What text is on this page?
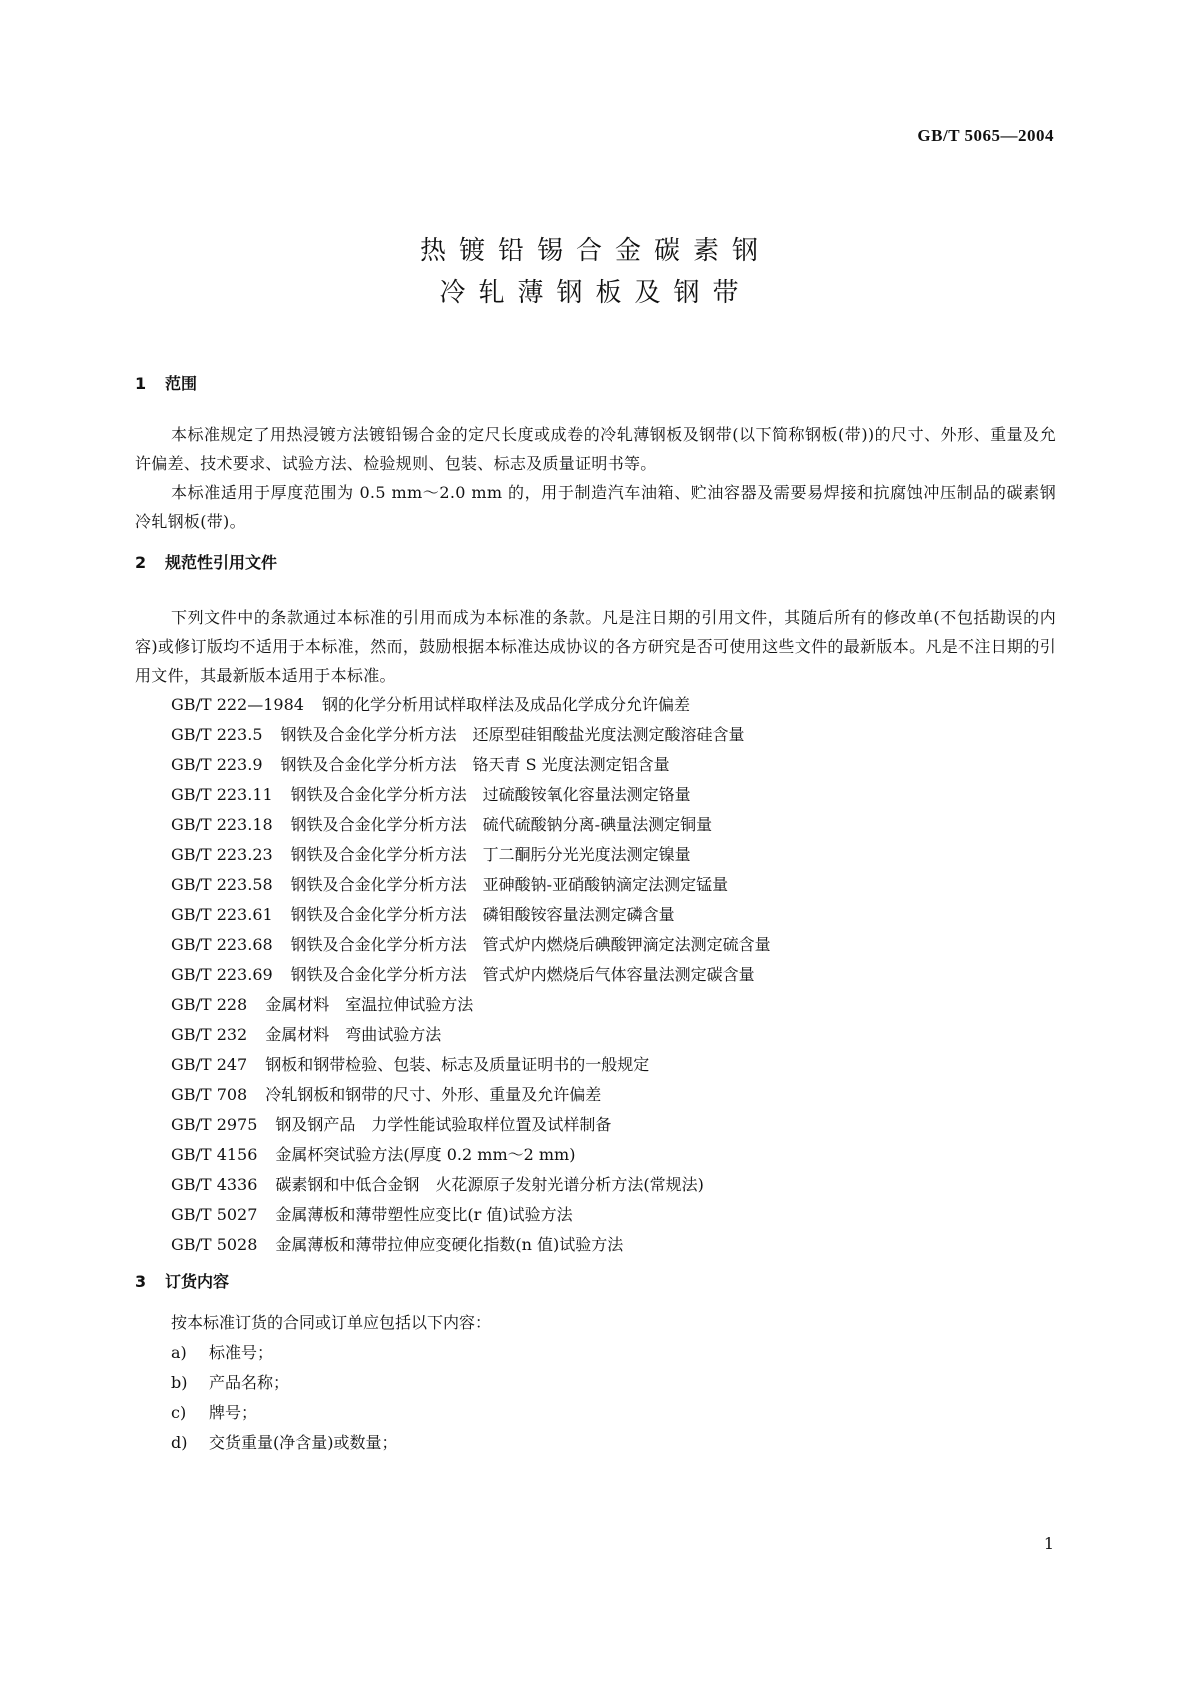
GB/T 5065—2004
热镀铅锡合金碳素钢
冷轧薄钢板及钢带
1 范围

本标准规定了用热浸镀方法镀铅锡合金的定尺长度或成卷的冷轧薄钢板及钢带(以下简称钢板(带))的尺寸、外形、重量及允许偏差、技术要求、试验方法、检验规则、包装、标志及质量证明书等。

本标准适用于厚度范围为 0.5 mm～2.0 mm 的，用于制造汽车油箱、贮油容器及需要易焊接和抗腐蚀冲压制品的碳素钢冷轧钢板(带)。

2 规范性引用文件

下列文件中的条款通过本标准的引用而成为本标准的条款。凡是注日期的引用文件，其随后所有的修改单(不包括勘误的内容)或修订版均不适用于本标准，然而，鼓励根据本标准达成协议的各方研究是否可使用这些文件的最新版本。凡是不注日期的引用文件，其最新版本适用于本标准。

GB/T 222—1984 钢的化学分析用试样取样法及成品化学成分允许偏差
GB/T 223.5 钢铁及合金化学分析方法　还原型硅钼酸盐光度法测定酸溶硅含量
GB/T 223.9 钢铁及合金化学分析方法　铬天青 S 光度法测定铝含量
GB/T 223.11 钢铁及合金化学分析方法　过硫酸铵氧化容量法测定铬量
GB/T 223.18 钢铁及合金化学分析方法　硫代硫酸钠分离-碘量法测定铜量
GB/T 223.23 钢铁及合金化学分析方法　丁二酮肟分光光度法测定镍量
GB/T 223.58 钢铁及合金化学分析方法　亚砷酸钠-亚硝酸钠滴定法测定锰量
GB/T 223.61 钢铁及合金化学分析方法　磷钼酸铵容量法测定磷含量
GB/T 223.68 钢铁及合金化学分析方法　管式炉内燃烧后碘酸钾滴定法测定硫含量
GB/T 223.69 钢铁及合金化学分析方法　管式炉内燃烧后气体容量法测定碳含量
GB/T 228 金属材料　室温拉伸试验方法
GB/T 232 金属材料　弯曲试验方法
GB/T 247 钢板和钢带检验、包装、标志及质量证明书的一般规定
GB/T 708 冷轧钢板和钢带的尺寸、外形、重量及允许偏差
GB/T 2975 钢及钢产品　力学性能试验取样位置及试样制备
GB/T 4156 金属杯突试验方法(厚度 0.2 mm～2 mm)
GB/T 4336 碳素钢和中低合金钢　火花源原子发射光谱分析方法(常规法)
GB/T 5027 金属薄板和薄带塑性应变比(r 值)试验方法
GB/T 5028 金属薄板和薄带拉伸应变硬化指数(n 值)试验方法
3 订货内容
按本标准订货的合同或订单应包括以下内容：
a) 标准号；
b) 产品名称；
c) 牌号；
d) 交货重量(净含量)或数量；
1
